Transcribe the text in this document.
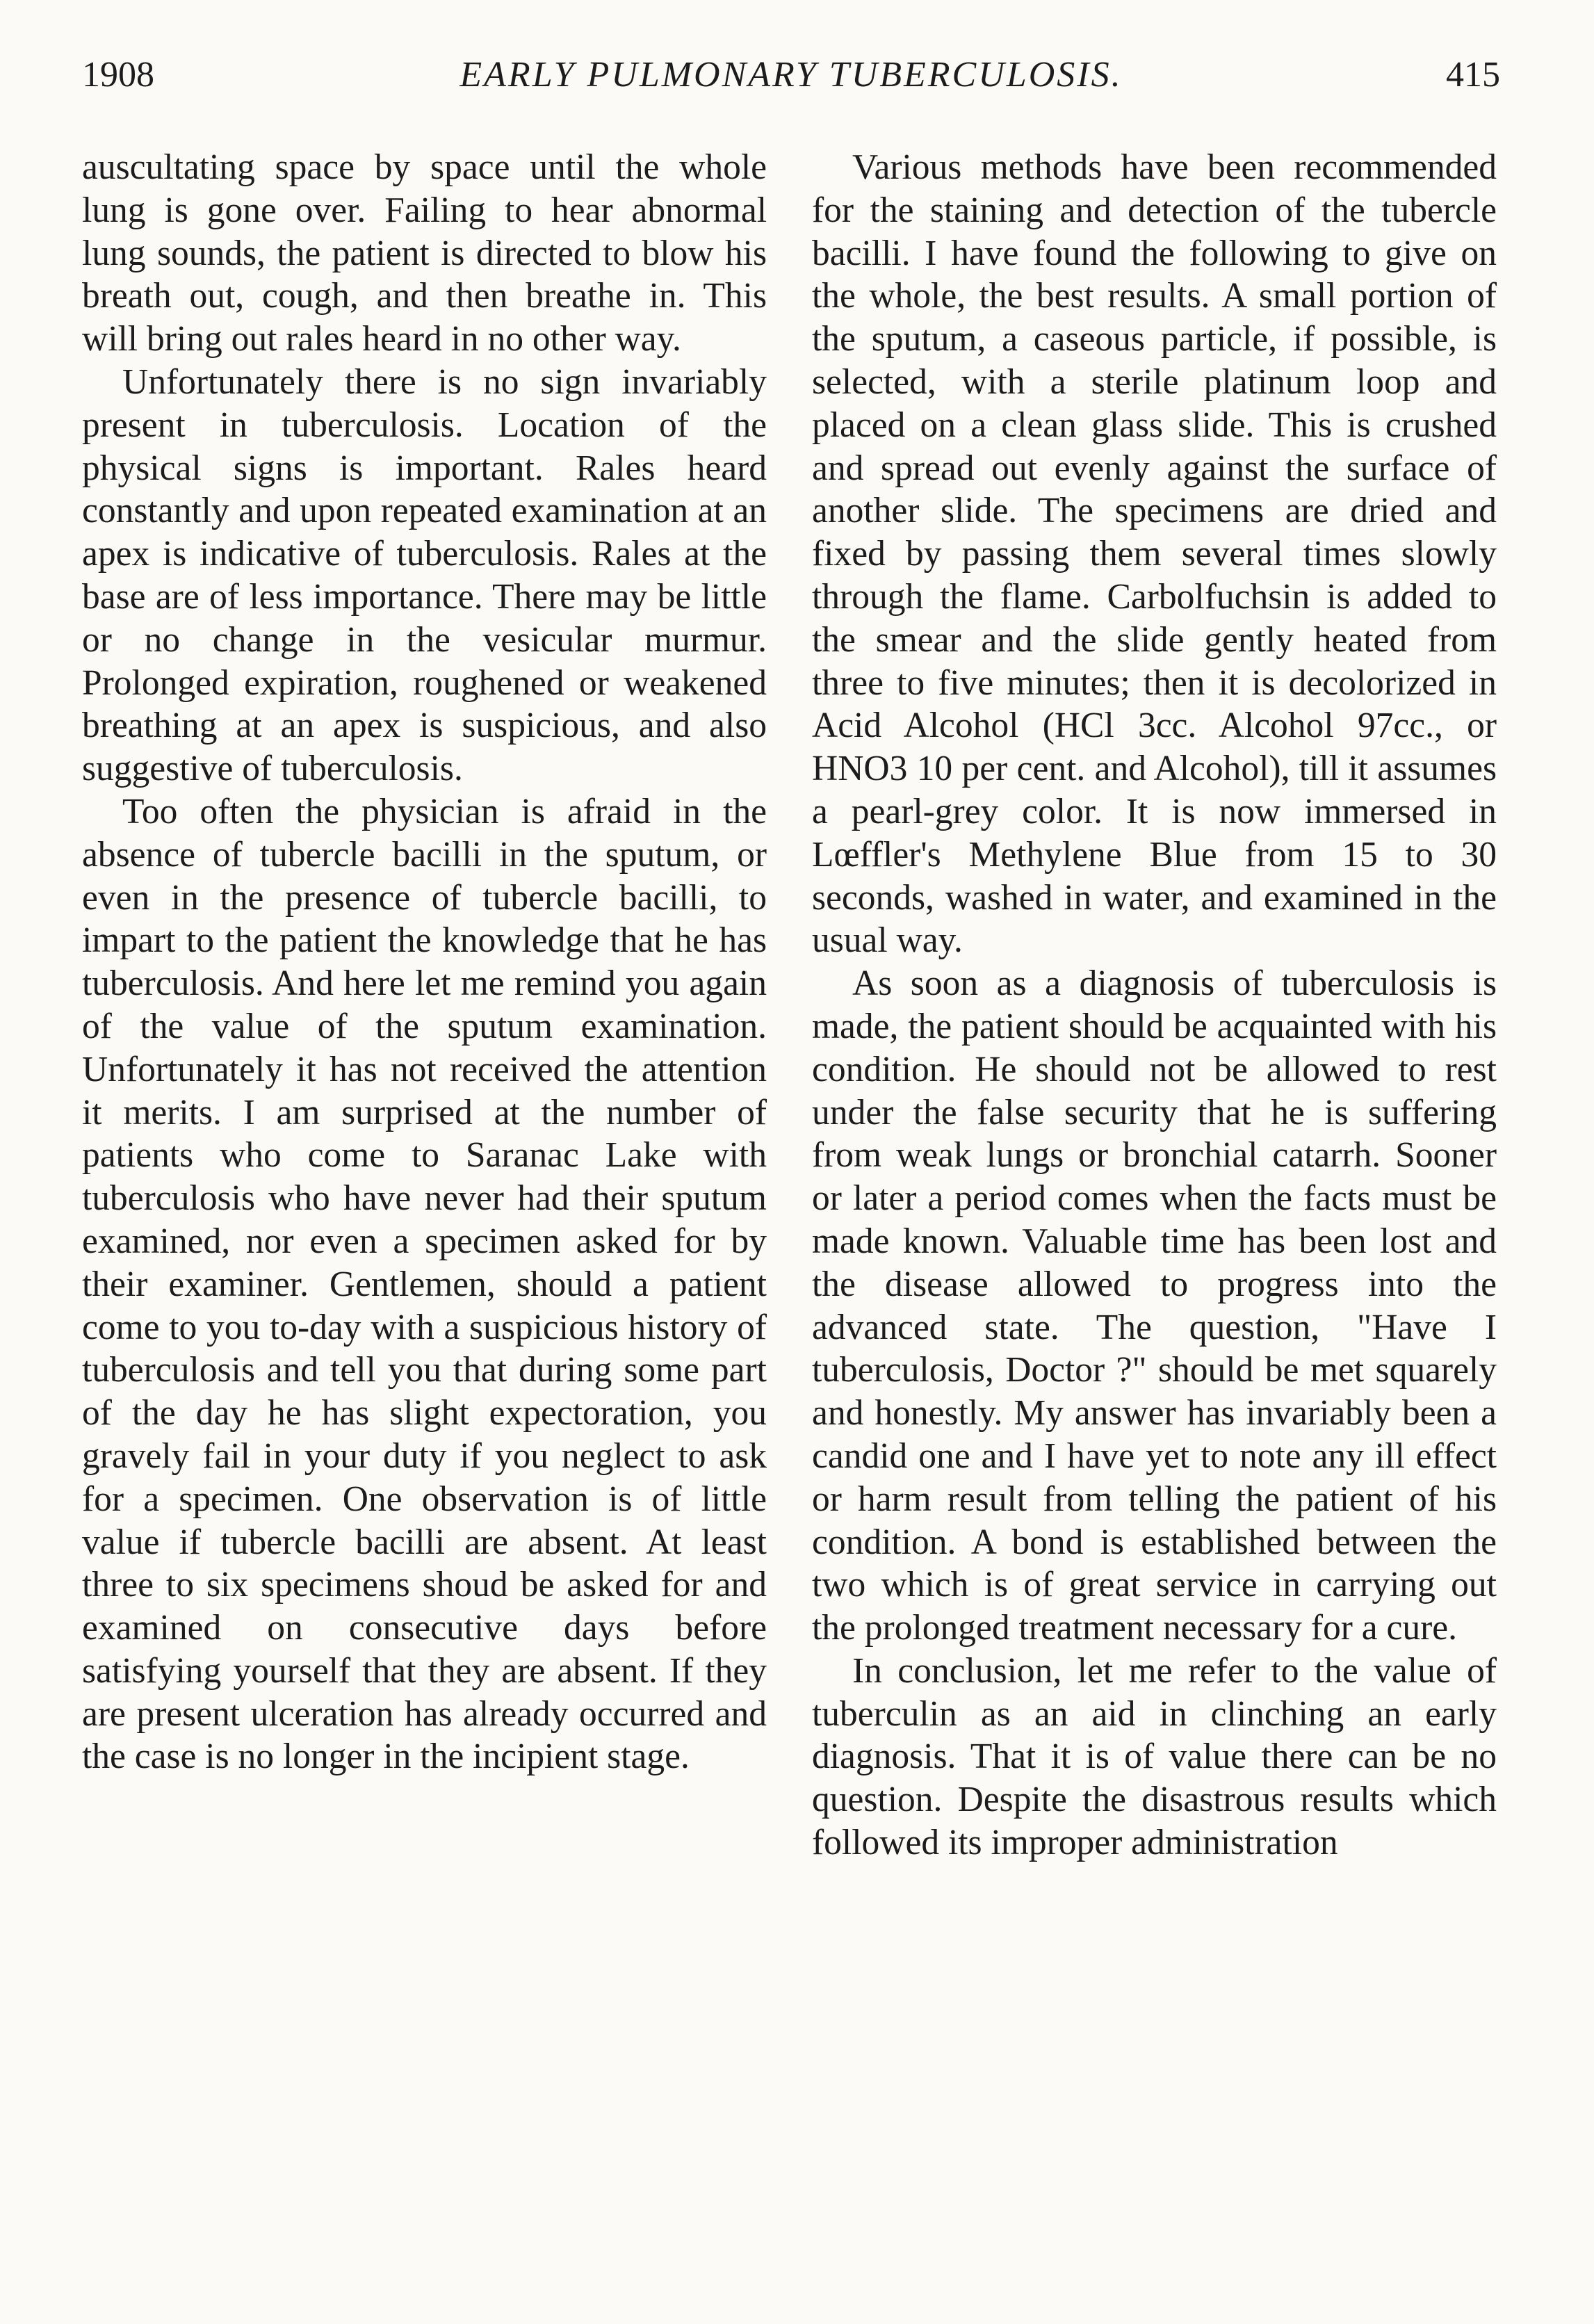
1908	EARLY PULMONARY TUBERCULOSIS.	415

auscultating space by space until the whole lung is gone over. Failing to hear abnormal lung sounds, the patient is directed to blow his breath out, cough, and then breathe in. This will bring out rales heard in no other way.

Unfortunately there is no sign invariably present in tuberculosis. Location of the physical signs is important. Rales heard constantly and upon repeated examination at an apex is indicative of tuberculosis. Rales at the base are of less importance. There may be little or no change in the vesicular murmur. Prolonged expiration, roughened or weakened breathing at an apex is suspicious, and also suggestive of tuberculosis.

Too often the physician is afraid in the absence of tubercle bacilli in the sputum, or even in the presence of tubercle bacilli, to impart to the patient the knowledge that he has tuberculosis. And here let me remind you again of the value of the sputum examination. Unfortunately it has not received the attention it merits. I am surprised at the number of patients who come to Saranac Lake with tuberculosis who have never had their sputum examined, nor even a specimen asked for by their examiner. Gentlemen, should a patient come to you to-day with a suspicious history of tuberculosis and tell you that during some part of the day he has slight expectoration, you gravely fail in your duty if you neglect to ask for a specimen. One observation is of little value if tubercle bacilli are absent. At least three to six specimens shoud be asked for and examined on consecutive days before satisfying yourself that they are absent. If they are present ulceration has already occurred and the case is no longer in the incipient stage.

Various methods have been recommended for the staining and detection of the tubercle bacilli. I have found the following to give on the whole, the best results. A small portion of the sputum, a caseous particle, if possible, is selected, with a sterile platinum loop and placed on a clean glass slide. This is crushed and spread out evenly against the surface of another slide. The specimens are dried and fixed by passing them several times slowly through the flame. Carbolfuchsin is added to the smear and the slide gently heated from three to five minutes; then it is decolorized in Acid Alcohol (HCl 3cc. Alcohol 97cc., or HNO3 10 per cent. and Alcohol), till it assumes a pearl-grey color. It is now immersed in Lœffler's Methylene Blue from 15 to 30 seconds, washed in water, and examined in the usual way.

As soon as a diagnosis of tuberculosis is made, the patient should be acquainted with his condition. He should not be allowed to rest under the false security that he is suffering from weak lungs or bronchial catarrh. Sooner or later a period comes when the facts must be made known. Valuable time has been lost and the disease allowed to progress into the advanced state. The question, "Have I tuberculosis, Doctor ?" should be met squarely and honestly. My answer has invariably been a candid one and I have yet to note any ill effect or harm result from telling the patient of his condition. A bond is established between the two which is of great service in carrying out the prolonged treatment necessary for a cure.

In conclusion, let me refer to the value of tuberculin as an aid in clinching an early diagnosis. That it is of value there can be no question. Despite the disastrous results which followed its improper administration
